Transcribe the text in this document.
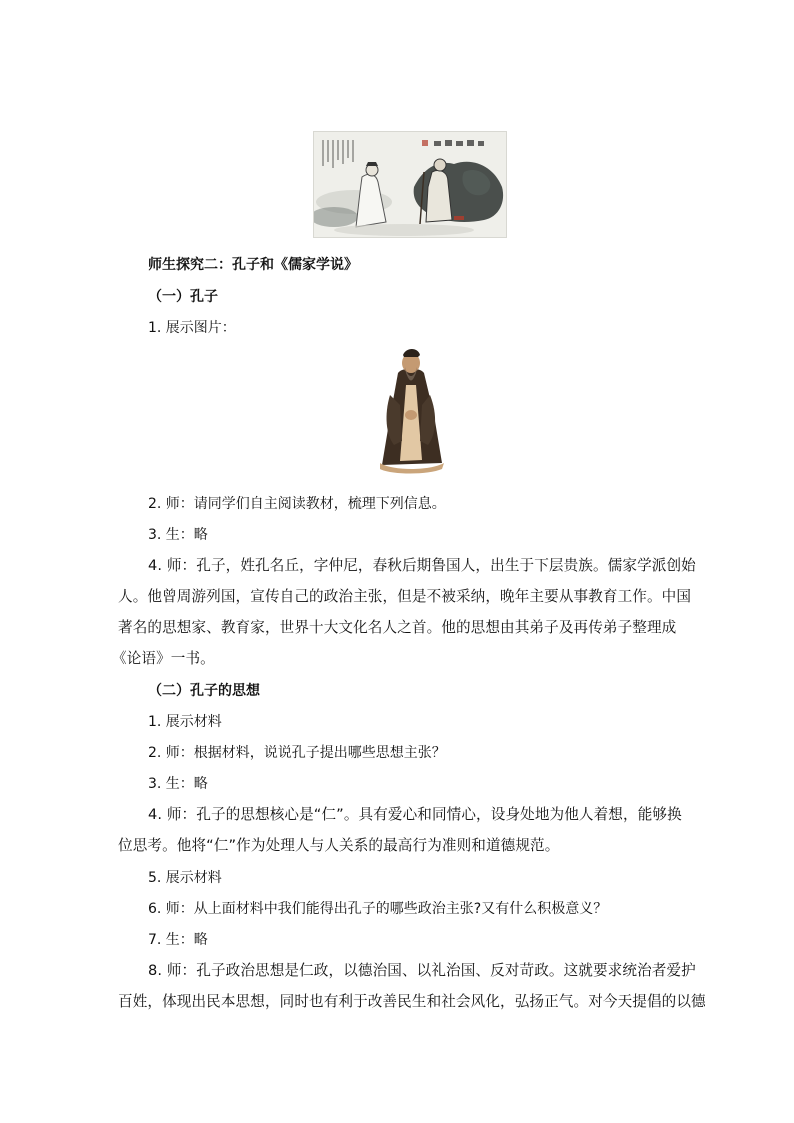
师生探究二：孔子和《儒家学说》
（一）孔子
1. 展示图片：
2. 师：请同学们自主阅读教材，梳理下列信息。
3. 生：略
4. 师：孔子，姓孔名丘，字仲尼，春秋后期鲁国人，出生于下层贵族。儒家学派创始
人。他曾周游列国，宣传自己的政治主张，但是不被采纳，晚年主要从事教育工作。中国
著名的思想家、教育家，世界十大文化名人之首。他的思想由其弟子及再传弟子整理成
《论语》一书。
（二）孔子的思想
1. 展示材料
2. 师：根据材料，说说孔子提出哪些思想主张？
3. 生：略
4. 师：孔子的思想核心是“仁”。具有爱心和同情心，设身处地为他人着想，能够换
位思考。他将“仁”作为处理人与人关系的最高行为准则和道德规范。
5. 展示材料
6. 师：从上面材料中我们能得出孔子的哪些政治主张?又有什么积极意义？
7. 生：略
8. 师：孔子政治思想是仁政，以德治国、以礼治国、反对苛政。这就要求统治者爱护
百姓，体现出民本思想，同时也有利于改善民生和社会风化，弘扬正气。对今天提倡的以德
